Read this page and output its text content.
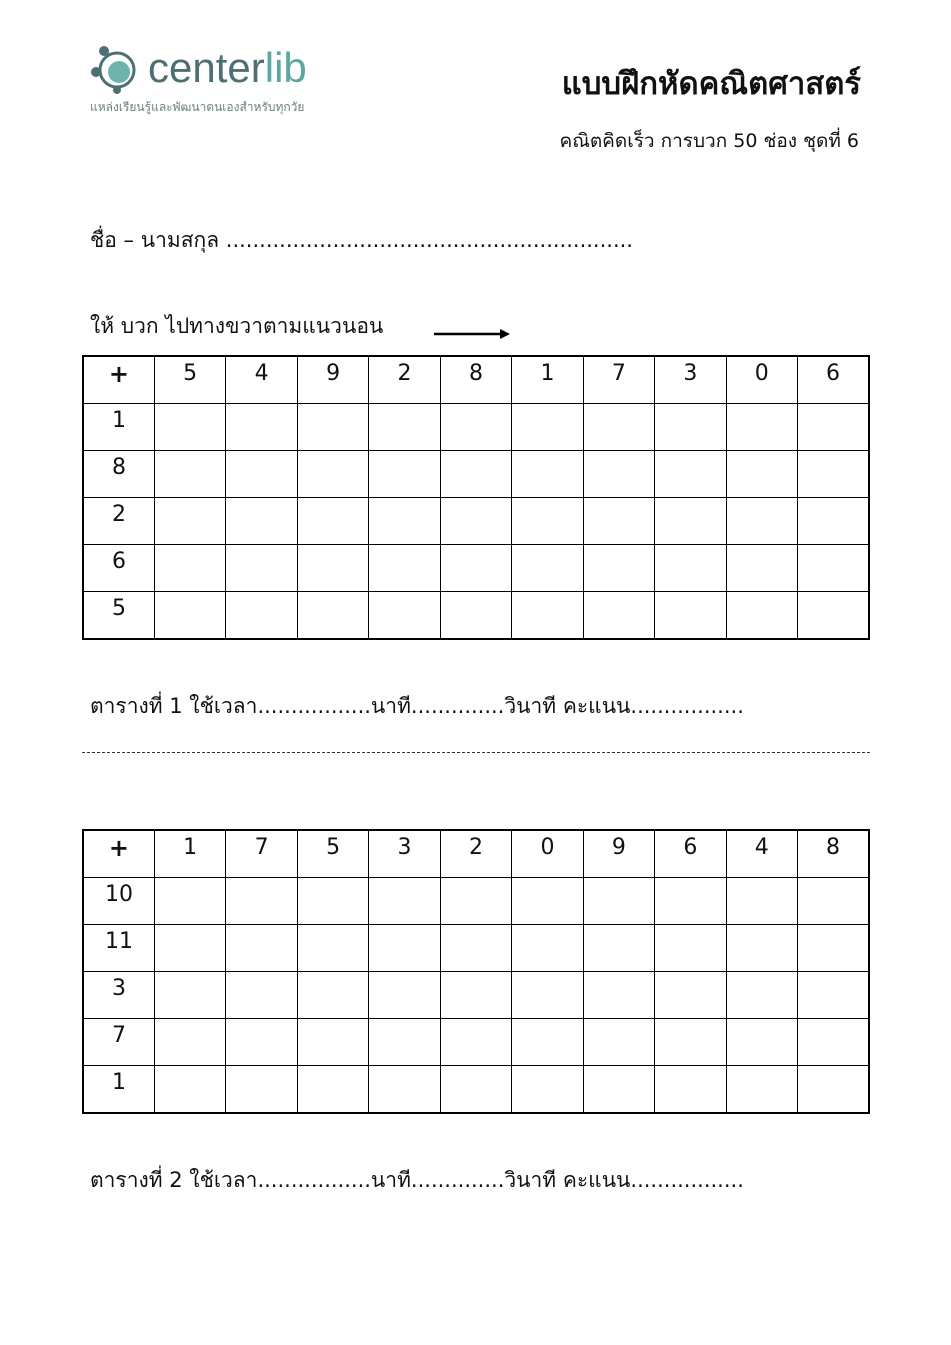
centerlib
แหล่งเรียนรู้และพัฒนาตนเองสำหรับทุกวัย
แบบฝึกหัดคณิตศาสตร์
คณิตคิดเร็ว การบวก 50 ช่อง ชุดที่ 6
ชื่อ – นามสกุล .............................................................
ให้ บวก ไปทางขวาตามแนวนอน
+	5	4	9	2	8	1	7	3	0	6
1										
8										
2										
6										
5										
ตารางที่ 1 ใช้เวลา.................นาที..............วินาที คะแนน.................
+	1	7	5	3	2	0	9	6	4	8
10										
11										
3										
7										
1										
ตารางที่ 2 ใช้เวลา.................นาที..............วินาที คะแนน.................
